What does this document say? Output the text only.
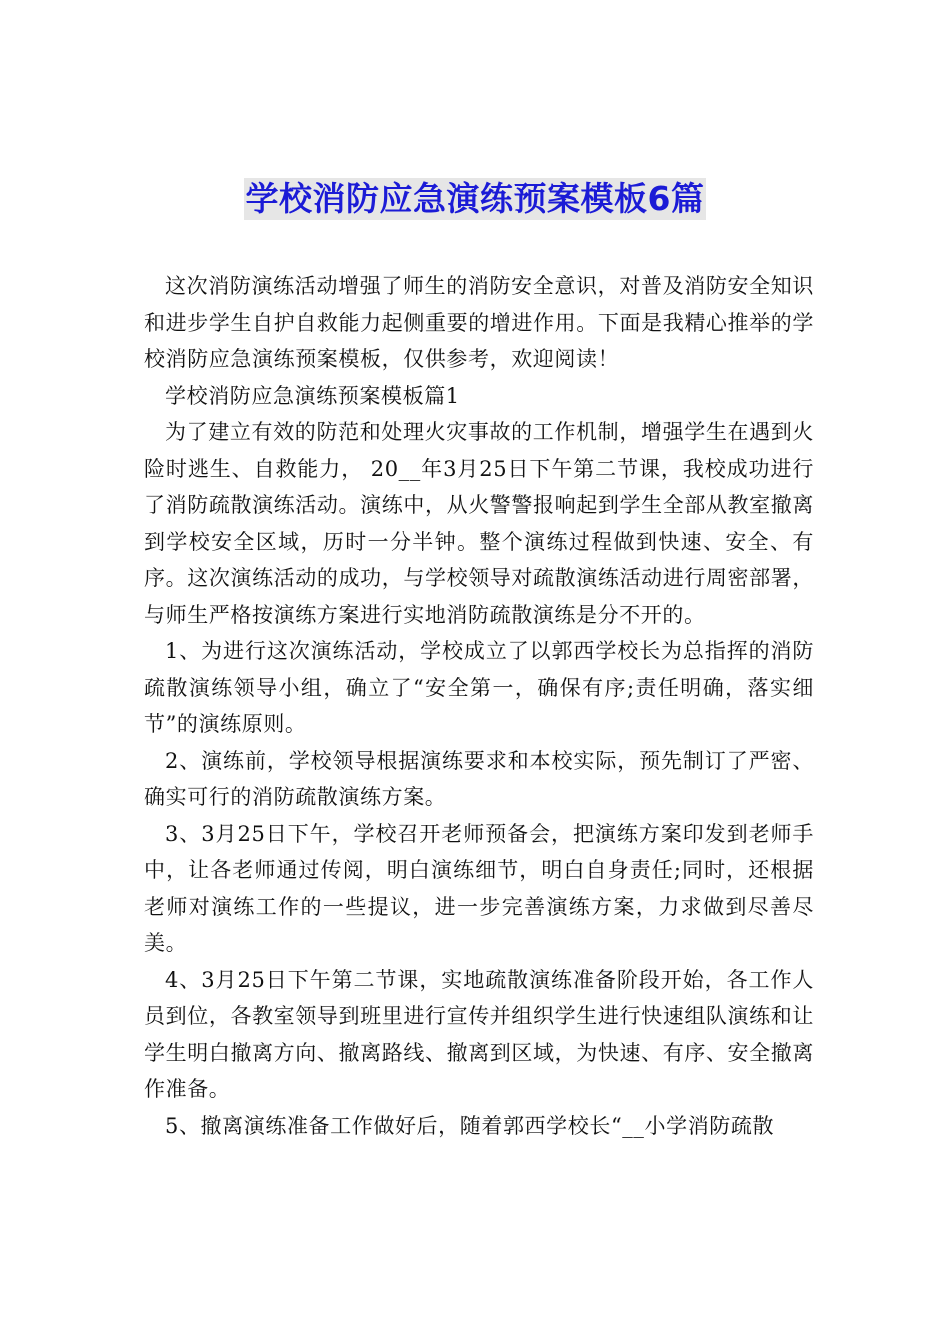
学校消防应急演练预案模板6篇

这次消防演练活动增强了师生的消防安全意识，对普及消防安全知识和进步学生自护自救能力起侧重要的增进作用。下面是我精心推举的学校消防应急演练预案模板，仅供参考，欢迎阅读！

学校消防应急演练预案模板篇1

为了建立有效的防范和处理火灾事故的工作机制，增强学生在遇到火险时逃生、自救能力， 20__年3月25日下午第二节课，我校成功进行了消防疏散演练活动。演练中，从火警警报响起到学生全部从教室撤离到学校安全区域，历时一分半钟。整个演练过程做到快速、安全、有序。这次演练活动的成功，与学校领导对疏散演练活动进行周密部署，与师生严格按演练方案进行实地消防疏散演练是分不开的。

1、为进行这次演练活动，学校成立了以郭西学校长为总指挥的消防疏散演练领导小组，确立了“安全第一，确保有序;责任明确，落实细节”的演练原则。

2、演练前，学校领导根据演练要求和本校实际，预先制订了严密、确实可行的消防疏散演练方案。

3、3月25日下午，学校召开老师预备会，把演练方案印发到老师手中，让各老师通过传阅，明白演练细节，明白自身责任;同时，还根据老师对演练工作的一些提议，进一步完善演练方案，力求做到尽善尽美。

4、3月25日下午第二节课，实地疏散演练准备阶段开始，各工作人员到位，各教室领导到班里进行宣传并组织学生进行快速组队演练和让学生明白撤离方向、撤离路线、撤离到区域，为快速、有序、安全撤离作准备。

5、撤离演练准备工作做好后，随着郭西学校长“__小学消防疏散
